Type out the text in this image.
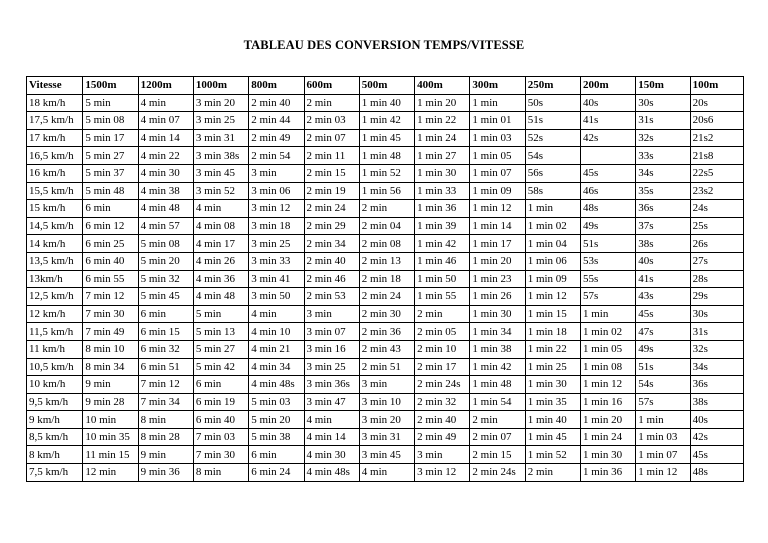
TABLEAU DES CONVERSION TEMPS/VITESSE
Vitesse	1500m	1200m	1000m	800m	600m	500m	400m	300m	250m	200m	150m	100m
18 km/h	5 min	4 min	3 min 20	2 min 40	2 min	1 min 40	1 min 20	1 min	50s	40s	30s	20s
17,5 km/h	5 min 08	4 min 07	3 min 25	2 min 44	2 min 03	1 min 42	1 min 22	1 min 01	51s	41s	31s	20s6
17 km/h	5 min 17	4 min 14	3 min 31	2 min 49	2 min 07	1 min 45	1 min 24	1 min 03	52s	42s	32s	21s2
16,5 km/h	5 min 27	4 min 22	3 min 38s	2 min 54	2 min 11	1 min 48	1 min 27	1 min 05	54s		33s	21s8
16 km/h	5 min 37	4 min 30	3 min 45	3 min	2 min 15	1 min 52	1 min 30	1 min 07	56s	45s	34s	22s5
15,5 km/h	5 min 48	4 min 38	3 min 52	3 min 06	2 min 19	1 min 56	1 min 33	1 min 09	58s	46s	35s	23s2
15 km/h	6 min	4 min 48	4 min	3 min 12	2 min 24	2 min	1 min 36	1 min 12	1 min	48s	36s	24s
14,5 km/h	6 min 12	4 min 57	4 min 08	3 min 18	2 min 29	2 min 04	1 min 39	1 min 14	1 min 02	49s	37s	25s
14 km/h	6 min 25	5 min 08	4 min 17	3 min 25	2 min 34	2 min 08	1 min 42	1 min 17	1 min 04	51s	38s	26s
13,5 km/h	6 min 40	5 min 20	4 min 26	3 min 33	2 min 40	2 min 13	1 min 46	1 min 20	1 min 06	53s	40s	27s
13km/h	6 min 55	5 min 32	4 min 36	3 min 41	2 min 46	2 min 18	1 min 50	1 min 23	1 min 09	55s	41s	28s
12,5 km/h	7 min 12	5 min 45	4 min 48	3 min 50	2 min 53	2 min 24	1 min 55	1 min 26	1 min 12	57s	43s	29s
12 km/h	7 min 30	6 min	5 min	4 min	3 min	2 min 30	2 min	1 min 30	1 min 15	1 min	45s	30s
11,5 km/h	7 min 49	6 min 15	5 min 13	4 min 10	3 min 07	2 min 36	2 min 05	1 min 34	1 min 18	1 min 02	47s	31s
11 km/h	8 min 10	6 min 32	5 min 27	4 min 21	3 min 16	2 min 43	2 min 10	1 min 38	1 min 22	1 min 05	49s	32s
10,5 km/h	8 min 34	6 min 51	5 min 42	4 min 34	3 min 25	2 min 51	2 min 17	1 min 42	1 min 25	1 min 08	51s	34s
10 km/h	9 min	7 min 12	6 min	4 min 48s	3 min 36s	3 min	2 min 24s	1 min 48	1 min 30	1 min 12	54s	36s
9,5 km/h	9 min 28	7 min 34	6 min 19	5 min 03	3 min 47	3 min 10	2 min 32	1 min 54	1 min 35	1 min 16	57s	38s
9 km/h	10 min	8 min	6 min 40	5 min 20	4 min	3 min 20	2 min 40	2 min	1 min 40	1 min 20	1 min	40s
8,5 km/h	10 min 35	8 min 28	7 min 03	5 min 38	4 min 14	3 min 31	2 min 49	2 min 07	1 min 45	1 min 24	1 min 03	42s
8 km/h	11 min 15	9 min	7 min 30	6 min	4 min 30	3 min 45	3 min	2 min 15	1 min 52	1 min 30	1 min 07	45s
7,5 km/h	12 min	9 min 36	8 min	6 min 24	4 min 48s	4 min	3 min 12	2 min 24s	2 min	1 min 36	1 min 12	48s
